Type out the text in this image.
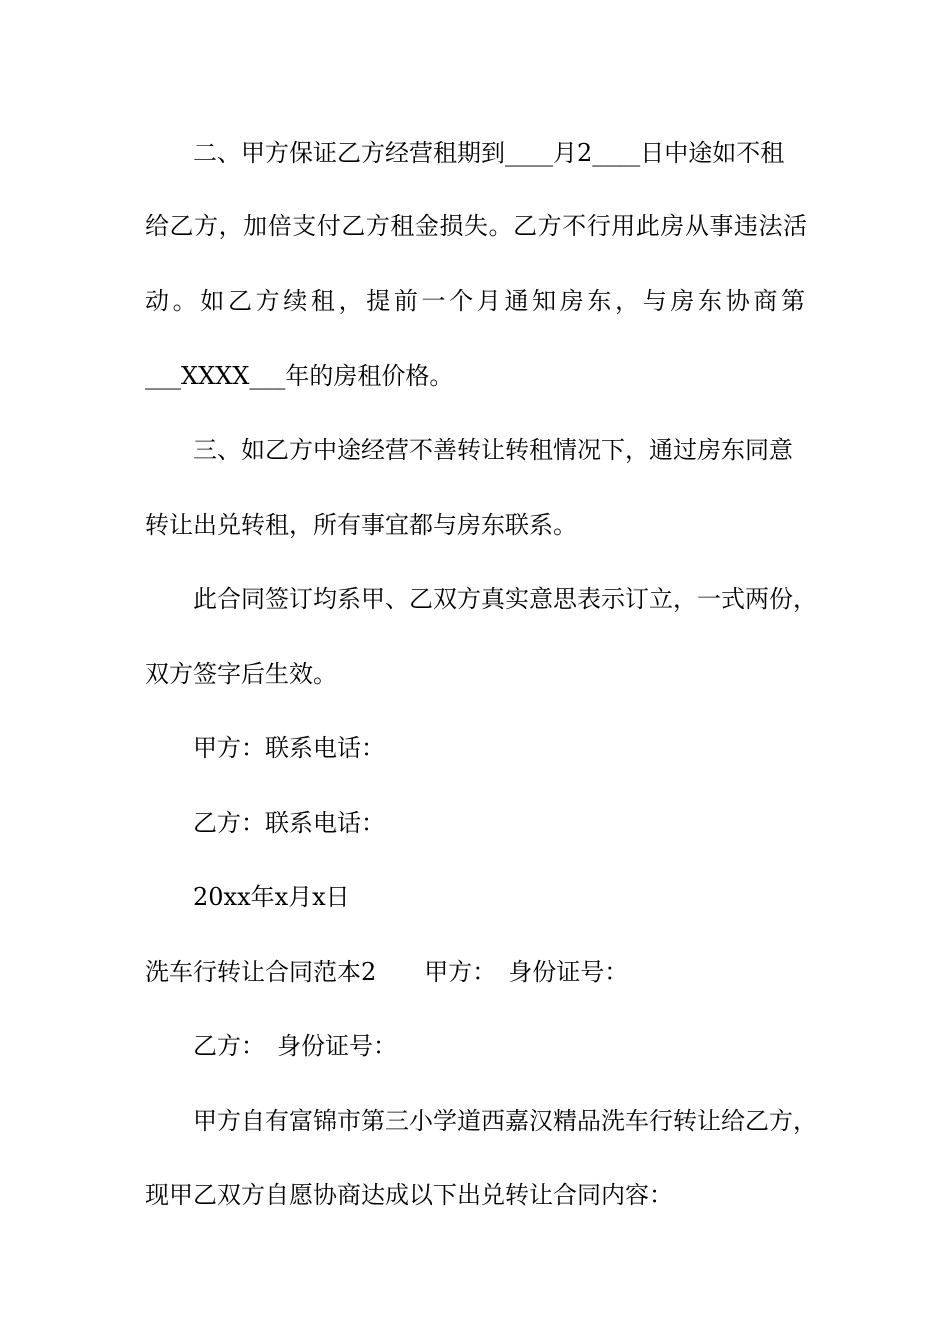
二、甲方保证乙方经营租期到____月2____日中途如不租
给乙方，加倍支付乙方租金损失。乙方不行用此房从事违法活
动。如乙方续租，提前一个月通知房东，与房东协商第
___XXXX___年的房租价格。
三、如乙方中途经营不善转让转租情况下，通过房东同意
转让出兑转租，所有事宜都与房东联系。
此合同签订均系甲、乙双方真实意思表示订立，一式两份，
双方签字后生效。
甲方：联系电话：
乙方：联系电话：
20xx年x月x日
洗车行转让合同范本2　　甲方：　身份证号：
乙方：　身份证号：
甲方自有富锦市第三小学道西嘉汉精品洗车行转让给乙方，
现甲乙双方自愿协商达成以下出兑转让合同内容：
